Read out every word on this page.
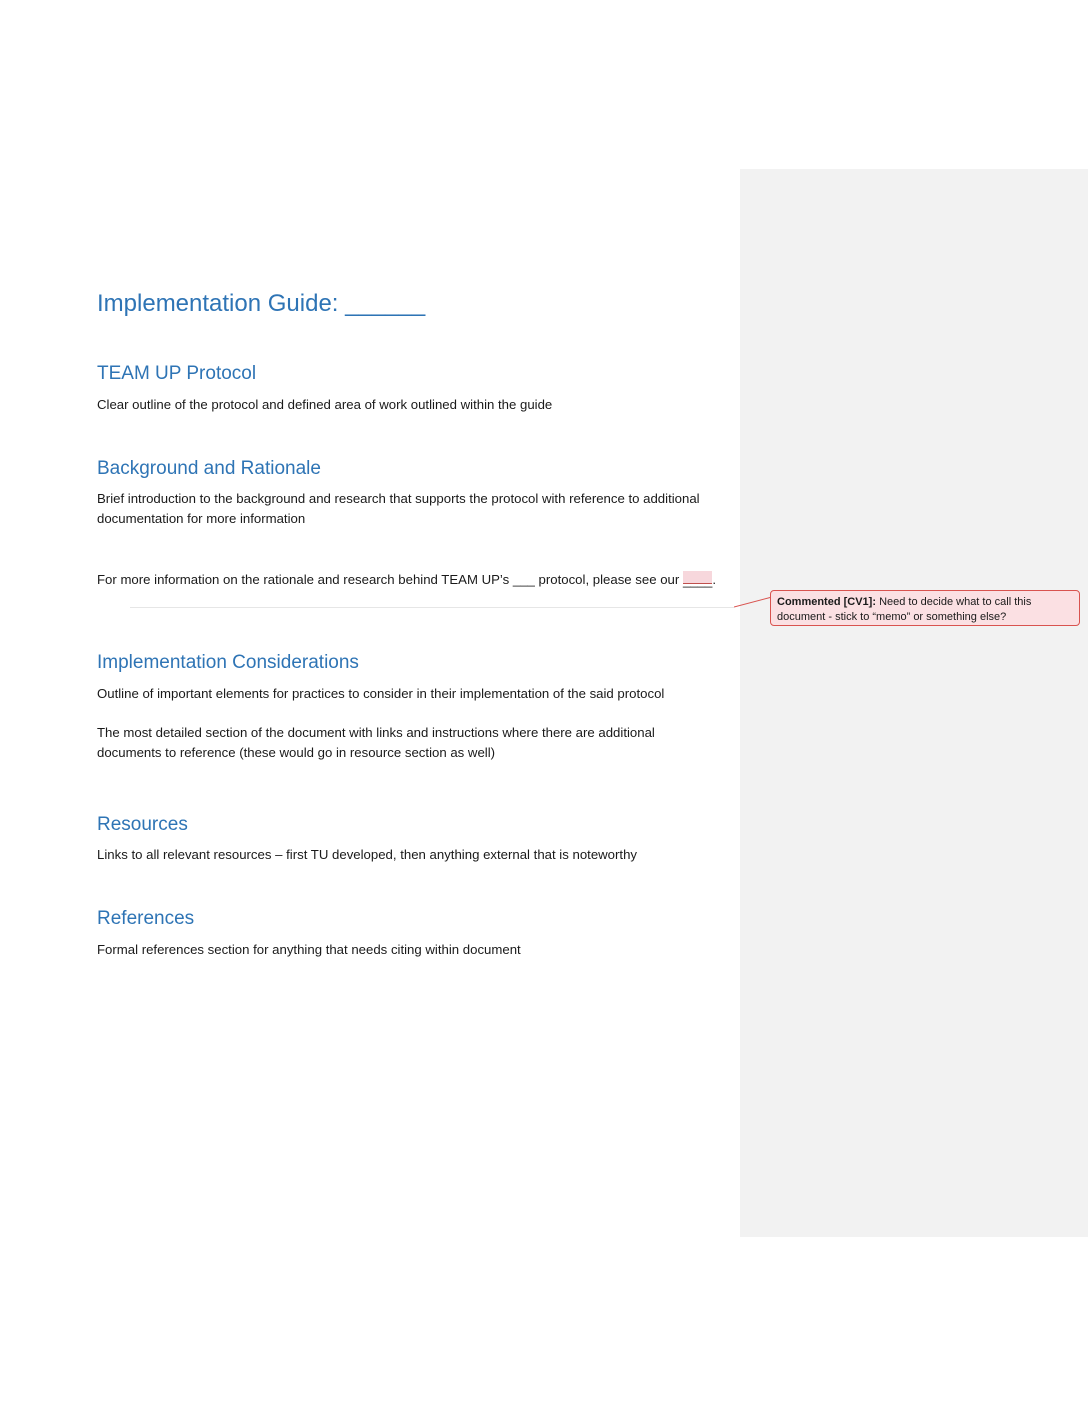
Implementation Guide: ______
TEAM UP Protocol

Clear outline of the protocol and defined area of work outlined within the guide

Background and Rationale

Brief introduction to the background and research that supports the protocol with reference to additional documentation for more information

For more information on the rationale and research behind TEAM UP’s ___ protocol, please see our ____.

Implementation Considerations

Outline of important elements for practices to consider in their implementation of the said protocol

The most detailed section of the document with links and instructions where there are additional documents to reference (these would go in resource section as well)

Resources

Links to all relevant resources – first TU developed, then anything external that is noteworthy

References

Formal references section for anything that needs citing within document

Commented [CV1]: Need to decide what to call this document - stick to “memo” or something else?
